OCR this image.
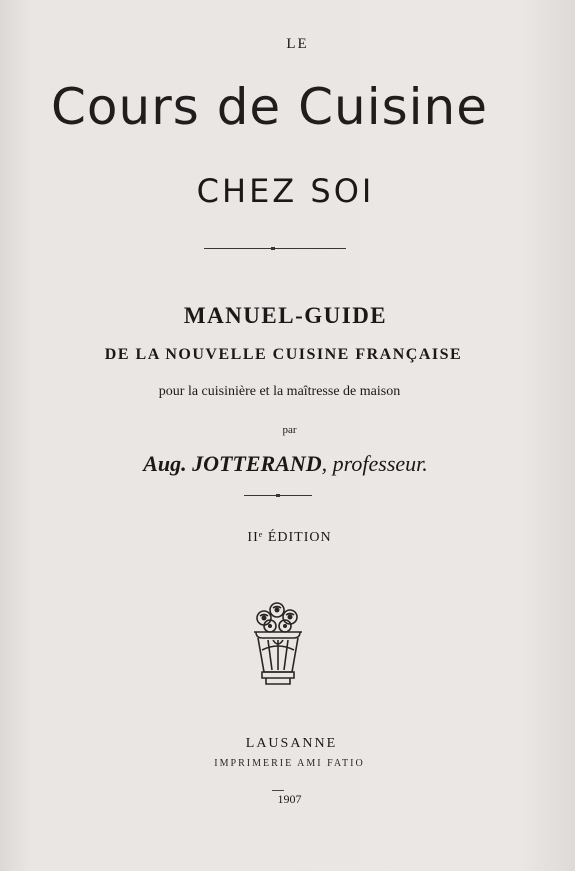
LE
Cours de Cuisine
CHEZ SOI
MANUEL-GUIDE
DE LA NOUVELLE CUISINE FRANÇAISE
pour la cuisinière et la maîtresse de maison
par
Aug. JOTTERAND, professeur.
IIᵉ ÉDITION
LAUSANNE
IMPRIMERIE AMI FATIO
1907
